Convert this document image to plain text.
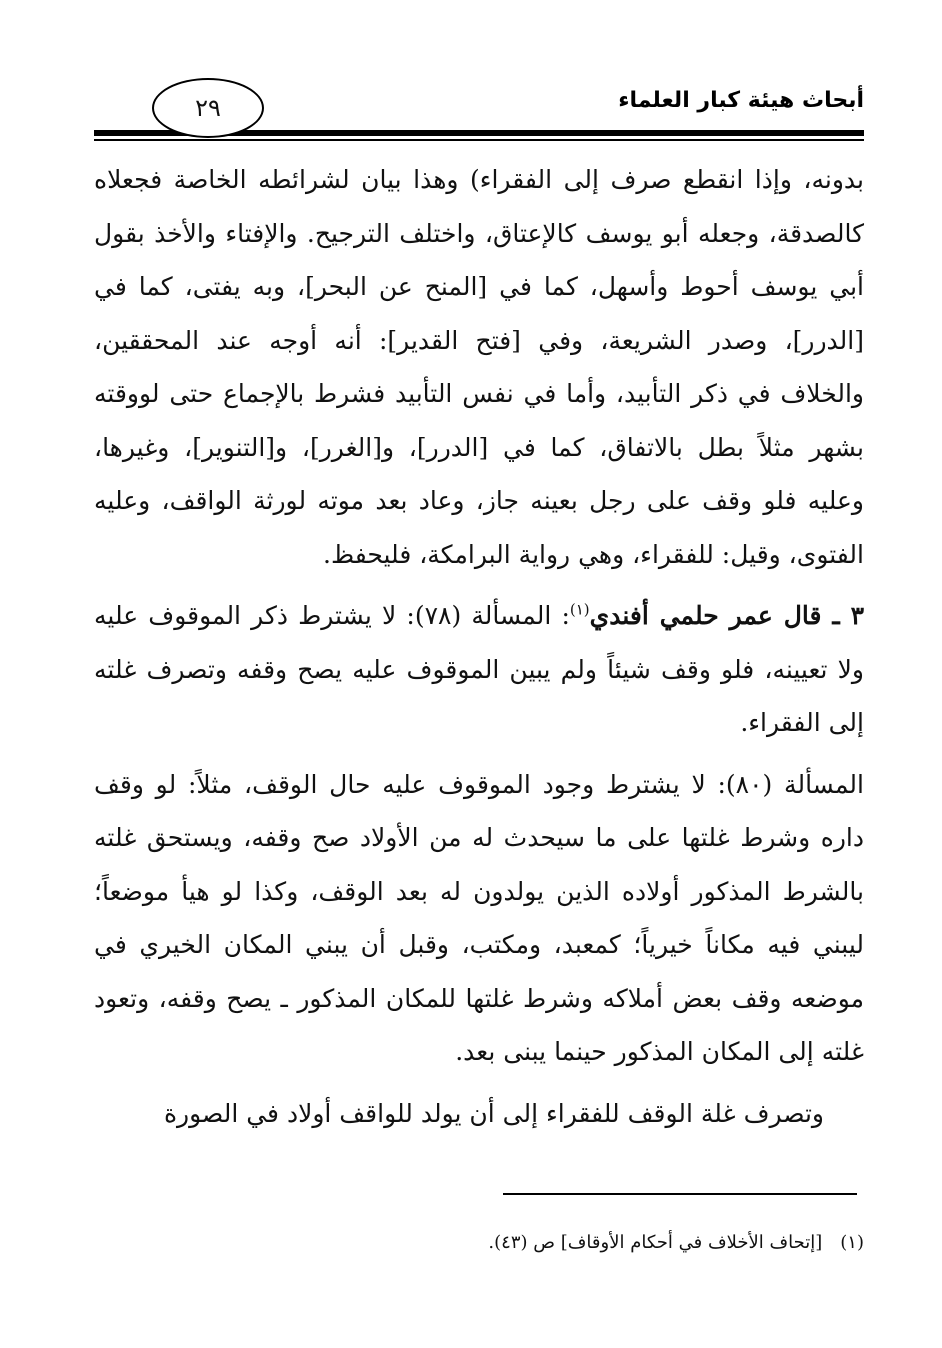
٢٩	أبحاث هيئة كبار العلماء

بدونه، وإذا انقطع صرف إلى الفقراء) وهذا بيان لشرائطه الخاصة فجعلاه كالصدقة، وجعله أبو يوسف كالإعتاق، واختلف الترجيح. والإفتاء والأخذ بقول أبي يوسف أحوط وأسهل، كما في [المنح عن البحر]، وبه يفتى، كما في [الدرر]، وصدر الشريعة، وفي [فتح القدير]: أنه أوجه عند المحققين، والخلاف في ذكر التأبيد، وأما في نفس التأبيد فشرط بالإجماع حتى لووقته بشهر مثلاً بطل بالاتفاق، كما في [الدرر]، و[الغرر]، و[التنوير]، وغيرها، وعليه فلو وقف على رجل بعينه جاز، وعاد بعد موته لورثة الواقف، وعليه الفتوى، وقيل: للفقراء، وهي رواية البرامكة، فليحفظ.

٣ ـ قال عمر حلمي أفندي$^{(١)}$: المسألة (٧٨): لا يشترط ذكر الموقوف عليه ولا تعيينه، فلو وقف شيئاً ولم يبين الموقوف عليه يصح وقفه وتصرف غلته إلى الفقراء.

المسألة (٨٠): لا يشترط وجود الموقوف عليه حال الوقف، مثلاً: لو وقف داره وشرط غلتها على ما سيحدث له من الأولاد صح وقفه، ويستحق غلته بالشرط المذكور أولاده الذين يولدون له بعد الوقف، وكذا لو هيأ موضعاً؛ ليبني فيه مكاناً خيرياً؛ كمعبد، ومكتب، وقبل أن يبني المكان الخيري في موضعه وقف بعض أملاكه وشرط غلتها للمكان المذكور ـ يصح وقفه، وتعود غلته إلى المكان المذكور حينما يبنى بعد.

وتصرف غلة الوقف للفقراء إلى أن يولد للواقف أولاد في الصورة

(١)[إتحاف الأخلاف في أحكام الأوقاف] ص (٤٣).
